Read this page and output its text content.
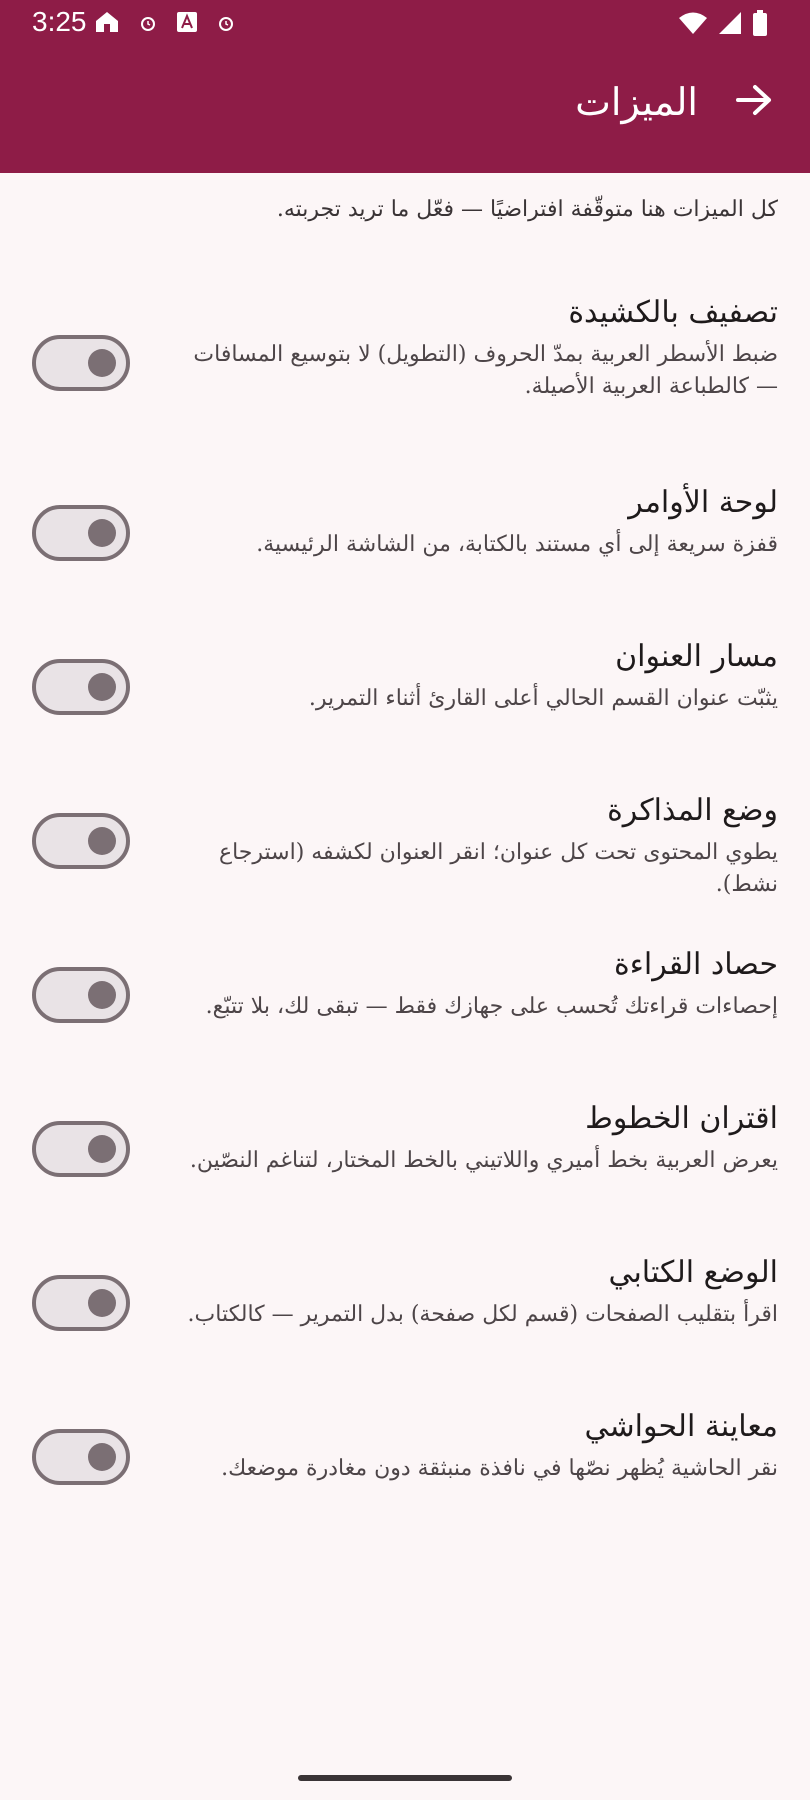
3:25
الميزات
كل الميزات هنا متوقّفة افتراضيًا — فعّل ما تريد تجربته.
تصفيف بالكشيدة
ضبط الأسطر العربية بمدّ الحروف (التطويل) لا بتوسيع المسافات — كالطباعة العربية الأصيلة.
لوحة الأوامر
قفزة سريعة إلى أي مستند بالكتابة، من الشاشة الرئيسية.
مسار العنوان
يثبّت عنوان القسم الحالي أعلى القارئ أثناء التمرير.
وضع المذاكرة
يطوي المحتوى تحت كل عنوان؛ انقر العنوان لكشفه (استرجاع نشط).
حصاد القراءة
إحصاءات قراءتك تُحسب على جهازك فقط — تبقى لك، بلا تتبّع.
اقتران الخطوط
يعرض العربية بخط أميري واللاتيني بالخط المختار، لتناغم النصّين.
الوضع الكتابي
اقرأ بتقليب الصفحات (قسم لكل صفحة) بدل التمرير — كالكتاب.
معاينة الحواشي
نقر الحاشية يُظهر نصّها في نافذة منبثقة دون مغادرة موضعك.
